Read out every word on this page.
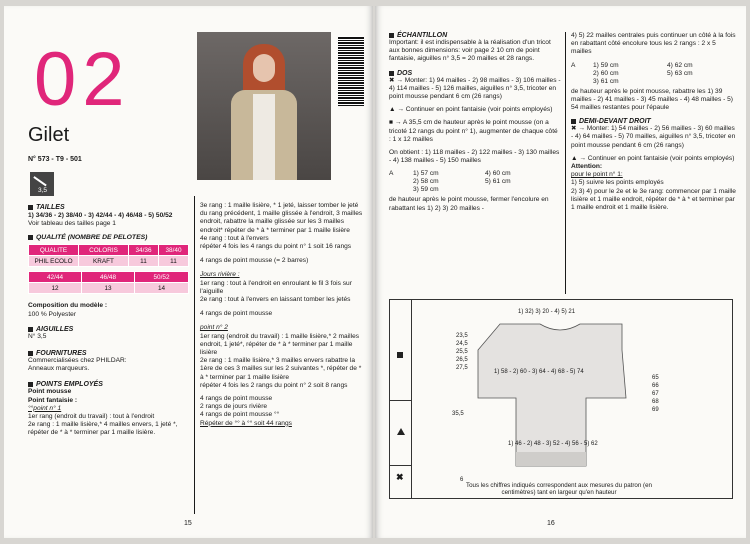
02
Gilet
N° 573 - T9 - 501
3,5
TAILLES
1) 34/36 - 2) 38/40 - 3) 42/44 - 4) 46/48 - 5) 50/52
Voir tableau des tailles page 1
QUALITÉ (NOMBRE DE PELOTES)
QUALITE	COLORIS	34/36	38/40
PHIL ECOLO	KRAFT	11	11
42/44	46/48	50/52
12	13	14
Composition du modèle :
100 % Polyester
AIGUILLES
N° 3,5
FOURNITURES
Commercialisées chez PHILDAR:
Anneaux marqueurs.
POINTS EMPLOYÉS
Point mousse
Point fantaisie :
°°point n° 1
1er rang (endroit du travail) : tout à l'endroit
2e rang : 1 maille lisière,* 4 mailles envers, 1 jeté *, répéter de * à * terminer par 1 maille lisière.
3e rang : 1 maille lisière, * 1 jeté, laisser tomber le jeté du rang précédent, 1 maille glissée à l'endroit, 3 mailles endroit, rabattre la maille glissée sur les 3 mailles endroit* répéter de * à * terminer par 1 maille lisière
4e rang : tout à l'envers
répéter 4 fois les 4 rangs du point n° 1 soit 16 rangs
4 rangs de point mousse (= 2 barres)
Jours rivière :
1er rang : tout à l'endroit en enroulant le fil 3 fois sur l'aiguille
2e rang : tout à l'envers en laissant tomber les jetés
4 rangs de point mousse
point n° 2
1er rang (endroit du travail) : 1 maille lisière,* 2 mailles endroit, 1 jeté*, répéter de * à * terminer par 1 maille lisière
2e rang : 1 maille lisière,* 3 mailles envers rabattre la 1ère de ces 3 mailles sur les 2 suivantes *, répéter de * à * terminer par 1 maille lisière
répéter 4 fois les 2 rangs du point n° 2 soit 8 rangs
4 rangs de point mousse
2 rangs de jours rivière
4 rangs de point mousse °°
Répéter de °° à °° soit 44 rangs
15
ÉCHANTILLON
Important: il est indispensable à la réalisation d'un tricot aux bonnes dimensions: voir page 2 10 cm de point fantaisie, aiguilles n° 3,5 = 20 mailles et 28 rangs.
DOS
✖ → Monter: 1) 94 mailles - 2) 98 mailles - 3) 106 mailles - 4) 114 mailles - 5) 126 mailles, aiguilles n° 3,5, tricoter en point mousse pendant 6 cm (26 rangs)
▲ → Continuer en point fantaisie (voir points employés)
■ → A 35,5 cm de hauteur après le point mousse (on a tricoté 12 rangs du point n° 1), augmenter de chaque côté : 1 x 12 mailles
On obtient : 1) 118 mailles - 2) 122 mailles - 3) 130 mailles - 4) 138 mailles - 5) 150 mailles
A	1) 57 cm
2) 58 cm
3) 59 cm
4) 60 cm
5) 61 cm
de hauteur après le point mousse, fermer l'encolure en rabattant les 1) 2) 3) 20 mailles -
4) 5) 22 mailles centrales puis continuer un côté à la fois en rabattant côté encolure tous les 2 rangs : 2 x 5 mailles
A	1) 59 cm
2) 60 cm
3) 61 cm
4) 62 cm
5) 63 cm
de hauteur après le point mousse, rabattre les 1) 39 mailles - 2) 41 mailles - 3) 45 mailles - 4) 48 mailles - 5) 54 mailles restantes pour l'épaule
DEMI-DEVANT DROIT
✖ → Monter: 1) 54 mailles - 2) 56 mailles - 3) 60 mailles - 4) 64 mailles - 5) 70 mailles, aiguilles n° 3,5, tricoter en point mousse pendant 6 cm (26 rangs)
▲ → Continuer en point fantaisie (voir points employés)
Attention:
pour le point n° 1:
1) 5) suivre les points employés
2) 3) 4) pour le 2e et le 3e rang: commencer par 1 maille lisière et 1 maille endroit, répéter de * à * et terminer par 1 maille endroit et 1 maille lisière.
✖
1) 32) 3) 20 - 4) 5) 21
1) 58 - 2) 60 - 3) 64 - 4) 68 - 5) 74
1) 46 - 2) 48 - 3) 52 - 4) 56 - 5) 62
35,5
6
23,5
24,5
25,5
26,5
27,5
65
66
67
68
69
Tous les chiffres indiqués correspondent aux mesures du patron (en centimètres) tant en largeur qu'en hauteur
16
